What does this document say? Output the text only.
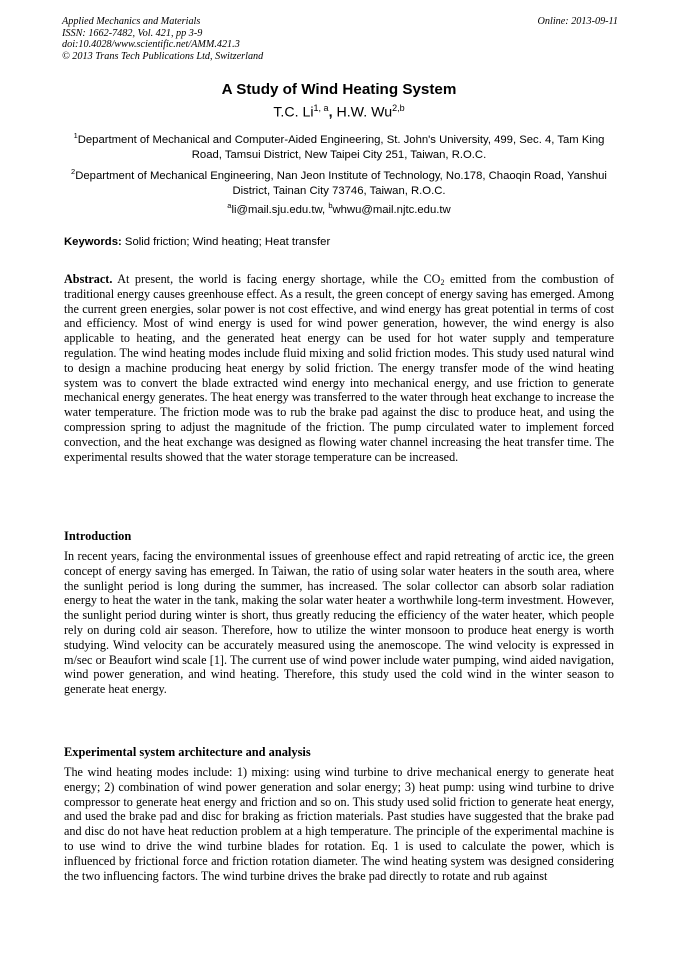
Applied Mechanics and Materials
ISSN: 1662-7482, Vol. 421, pp 3-9
doi:10.4028/www.scientific.net/AMM.421.3
© 2013 Trans Tech Publications Ltd, Switzerland
Online: 2013-09-11
A Study of Wind Heating System
T.C. Li$^{1, a}$, H.W. Wu$^{2,b}$
$^1$Department of Mechanical and Computer-Aided Engineering, St. John's University, 499, Sec. 4, Tam King Road, Tamsui District, New Taipei City 251, Taiwan, R.O.C.
$^2$Department of Mechanical Engineering, Nan Jeon Institute of Technology, No.178, Chaoqin Road, Yanshui District, Tainan City 73746, Taiwan, R.O.C.
$^a$li@mail.sju.edu.tw, $^b$whwu@mail.njtc.edu.tw
Keywords: Solid friction; Wind heating; Heat transfer
Abstract. At present, the world is facing energy shortage, while the $CO_2$ emitted from the combustion of traditional energy causes greenhouse effect. As a result, the green concept of energy saving has emerged. Among the current green energies, solar power is not cost effective, and wind energy has great potential in terms of cost and efficiency. Most of wind energy is used for wind power generation, however, the wind energy is also applicable to heating, and the generated heat energy can be used for hot water supply and temperature regulation. The wind heating modes include fluid mixing and solid friction modes. This study used natural wind to design a machine producing heat energy by solid friction. The energy transfer mode of the wind heating system was to convert the blade extracted wind energy into mechanical energy, and use friction to generate mechanical energy generates. The heat energy was transferred to the water through heat exchange to increase the water temperature. The friction mode was to rub the brake pad against the disc to produce heat, and using the compression spring to adjust the magnitude of the friction. The pump circulated water to implement forced convection, and the heat exchange was designed as flowing water channel increasing the heat transfer time. The experimental results showed that the water storage temperature can be increased.
Introduction
In recent years, facing the environmental issues of greenhouse effect and rapid retreating of arctic ice, the green concept of energy saving has emerged. In Taiwan, the ratio of using solar water heaters in the south area, where the sunlight period is long during the summer, has increased. The solar collector can absorb solar radiation energy to heat the water in the tank, making the solar water heater a worthwhile long-term investment. However, the sunlight period during winter is short, thus greatly reducing the efficiency of the water heater, which people rely on during cold air season. Therefore, how to utilize the winter monsoon to produce heat energy is worth studying. Wind velocity can be accurately measured using the anemoscope. The wind velocity is expressed in m/sec or Beaufort wind scale [1]. The current use of wind power include water pumping, wind aided navigation, wind power generation, and wind heating. Therefore, this study used the cold wind in the winter season to generate heat energy.
Experimental system architecture and analysis
The wind heating modes include: 1) mixing: using wind turbine to drive mechanical energy to generate heat energy; 2) combination of wind power generation and solar energy; 3) heat pump: using wind turbine to drive compressor to generate heat energy and friction and so on. This study used solid friction to generate heat energy, and used the brake pad and disc for braking as friction materials. Past studies have suggested that the brake pad and disc do not have heat reduction problem at a high temperature. The principle of the experimental machine is to use wind to drive the wind turbine blades for rotation. Eq. 1 is used to calculate the power, which is influenced by frictional force and friction rotation diameter. The wind heating system was designed considering the two influencing factors. The wind turbine drives the brake pad directly to rotate and rub against
